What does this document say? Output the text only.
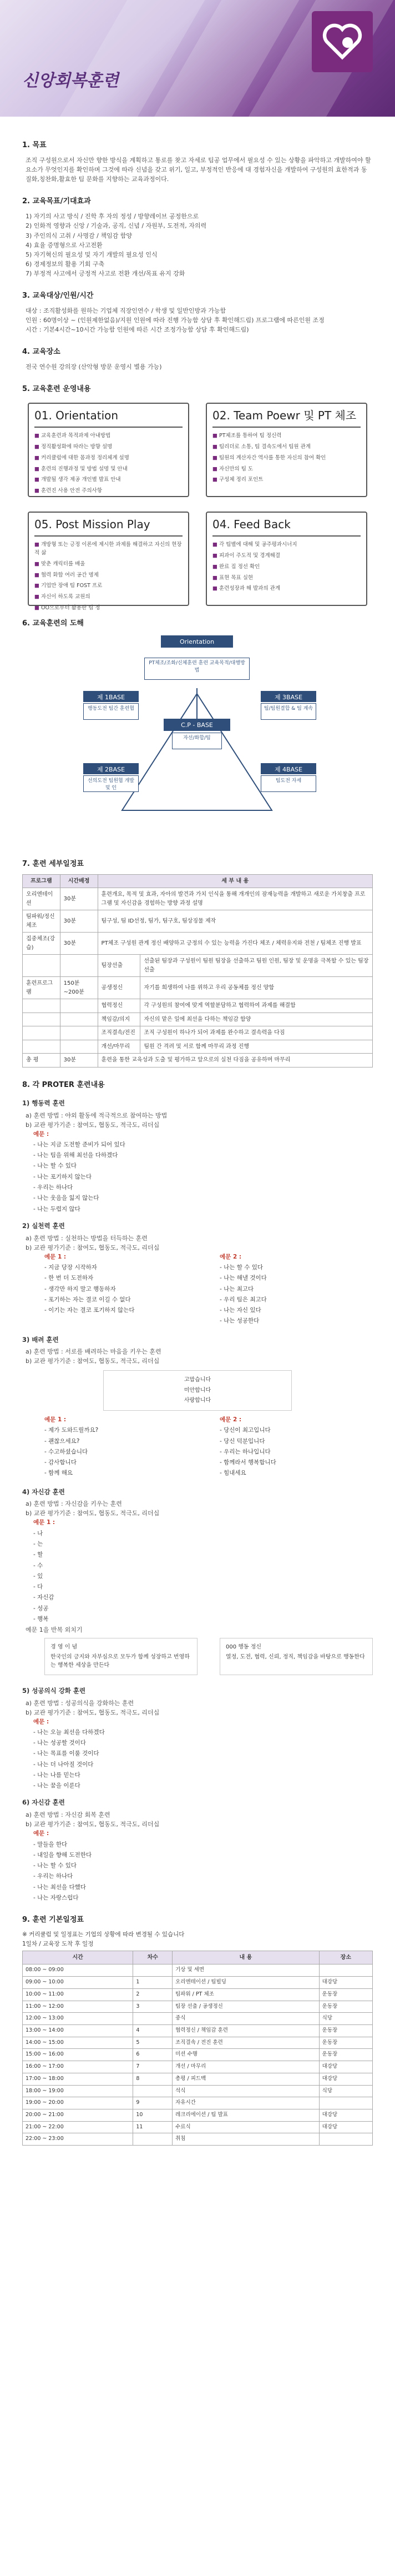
신앙회복훈련
1. 목표

조직 구성원으로서 자신만 향한 방식을 계획하고 통로를 찾고 자세로 팀공 업무에서 필요성 수 있는 상황을 파악하고 개발하여야 할 요소가 무엇인지를 확인하며 그것에 따라 신념을 갖고 위기, 일고, 부정적인 반응에 대 경험자신을 개발하여 구성원의 효한적과 동질화,칭찬화,활효한 팀 문화를 지향하는 교육과정이다.

2. 교육목표/기대효과

1) 자기의 사고 방식 / 진학 후 자의 정성 / 방향레이브 공정한으로

2) 인화적 영향과 신앙 / 기술과, 공직, 신념 / 자원부, 도전적, 자의력

3) 주인의식 고취 / 사명감 / 책임감 함양

4) 효율 증명형으로 사고전환

5) 자기혁신의 필요성 및 자기 개발의 필요성 인식

6) 경제정보의 활용 기회 구축

7) 부정적 사고에서 긍정적 사고로 전환 개선/목표 유지 강화

3. 교육대상/인원/시간

대상 : 조직활성화를 원하는 기업체 직장인연수 / 학생 및 일반인방과 가능함

인원 : 60명이상 ~ (인원제한없음)/지원 인원에 따라 진행 가능함 상담 후 확인해드림) 프로그램에 따른인원 조정

시간 : 기본4시간~10시간 가능함 인원에 따른 시간 조정가능함 상담 후 확인해드림)

4. 교육장소

전국 연수원 강의장 (산악형 방문 운영시 별용 가능)

5. 교육훈련 운영내용
01. Orientation
■ 교육훈련과 목적과제 아내방법
■ 정직활성화에 따라는 방향 설명
■ 커리큘럼에 대한 몸과정 정리체계 설명
■ 훈련의 진행과정 및 방법 설명 및 안내
■ 개발될 생각 제공 개인별 발표 안내
■ 훈련진 사용 안전 주의사항
02. Team Poewr 및 PT 체조
■ PT체조를 통하여 팀 정신력
■ 팀리더로 소통, 팀 결속도에서 팀원 관계
■ 팀원의 계산자간 역사를 통한 자신의 참여 확인
■ 자신만의 팀 도
■ 구성체 정리 포인트
05. Post Mission Play
■ 개방형 또는 긍정 이론에 제시한 과제를 해결하고 자신의 현장적 삶
■ 맞춘 캐릭터를 배울
■ 협력 화합 여러 공간 명제
■ 기업만 장애 팀 FOST 프로
■ 자신이 하도록 교원의
■ OO으로부터 활용한 팀 정
04. Feed Back
■ 각 팀별에 대해 및 공주평과시너지
■ 피과이 주도적 및 경계해결
■ 완료 집 정선 확인
■ 표현 목표 실현
■ 훈련성장과 해 발과의 관계
6. 교육훈련의 도해
Orientation
PT체조/조화/신체훈련 훈련 교육목적/대행방법
C.P - BASE
자선/화합/팀
제 1BASE
행동도전 팀간 훈련협
제 2BASE
선의도전 팀원협 개발 및 인
제 3BASE
팀/팀원결합 & 팀 계속
제 4BASE
팀도전 자세
7. 훈련 세부일정표
프로그램	시간배정	세 부 내 용	
오리엔테이션	30분	훈련개요, 목적 및 효과, 자아의 발견과 가치 인식을 통해 개개인의 잠재능력을 개발하고 새로운 가치창출 프로그램 및 자신감을 경험하는 방향 과정 설명	
팀파워/정신체조	30분	팀구성, 팀 ID선정, 팀가, 팀구호, 팀상징물 제작	
집중체조(강습)	30분	PT체조 구성원 관계 정신 배양하고 긍정의 수 있는 능력을 가진다 체조 / 체력유지와 전천 / 팀체조 진행 발표	
		팀장선출	선출된 팀장과 구성원이 팀원 팀장을 선출하고 팀원 인원, 팀장 및 운명을 극복할 수 있는 팀장 선출
훈련프로그램	150분~200분	공생정신	자기를 희생하여 나를 위하고 우리 공동체를 정신 양함
		협력정신	각 구성원의 참여에 맞게 역할분담하고 협력하여 과제를 해결함
		책임감/의지	자신의 맡은 일에 최선을 다하는 책임감 함양
		조직결속/전진	조직 구성원이 하나가 되어 과제를 완수하고 결속력을 다짐
		개선/마무리	팀원 간 격려 및 서로 함께 마무리 과정 진행
총 평	30분	훈련을 통한 교육성과 도출 및 평가하고 앞으로의 실천 다짐을 공유하며 마무리	
8. 각 PROTER 훈련내용
1) 행동력 훈련

a) 훈련 방법 : 야외 활동에 적극적으로 참여하는 방법

b) 교관 평가기준 : 참여도, 협동도, 적극도, 리더십

예문 :
- 나는 지금 도전할 준비가 되어 있다
- 나는 팀을 위해 최선을 다하겠다
- 나는 할 수 있다
- 나는 포기하지 않는다
- 우리는 하나다
- 나는 웃음을 잃지 않는다
- 나는 두렵지 않다
2) 실천력 훈련

a) 훈련 방법 : 실천하는 방법을 터득하는 훈련

b) 교관 평가기준 : 참여도, 협동도, 적극도, 리더십

예문 1 :
- 지금 당장 시작하자
- 한 번 더 도전하자
- 생각만 하지 말고 행동하자
- 포기하는 자는 결코 이길 수 없다
- 이기는 자는 결코 포기하지 않는다
예문 2 :
- 나는 할 수 있다
- 나는 해낼 것이다
- 나는 최고다
- 우리 팀은 최고다
- 나는 자신 있다
- 나는 성공한다
3) 배려 훈련

a) 훈련 방법 : 서로를 배려하는 마음을 키우는 훈련

b) 교관 평가기준 : 참여도, 협동도, 적극도, 리더십

고맙습니다
미안합니다
사랑합니다
예문 1 :
- 제가 도와드릴까요?
- 괜찮으세요?
- 수고하셨습니다
- 감사합니다
- 함께 해요
예문 2 :
- 당신이 최고입니다
- 당신 덕분입니다
- 우리는 하나입니다
- 함께라서 행복합니다
- 힘내세요
4) 자신감 훈련

a) 훈련 방법 : 자신감을 키우는 훈련

b) 교관 평가기준 : 참여도, 협동도, 적극도, 리더십

예문 1 :
- 나
- 는
- 할
- 수
- 있
- 다
- 자신감
- 성공
- 행복

예문 1을 반복 외치기

경 영 이 념
한국인의 긍지와 자부심으로 모두가 함께 성장하고 번영하는 행복한 세상을 만든다
000 행동 정신
열정, 도전, 협력, 신뢰, 정직, 책임감을 바탕으로 행동한다
5) 성공의식 강화 훈련

a) 훈련 방법 : 성공의식을 강화하는 훈련

b) 교관 평가기준 : 참여도, 협동도, 적극도, 리더십

예문 :
- 나는 오늘 최선을 다하겠다
- 나는 성공할 것이다
- 나는 목표를 이룰 것이다
- 나는 더 나아질 것이다
- 나는 나를 믿는다
- 나는 꿈을 이룬다
6) 자신감 훈련

a) 훈련 방법 : 자신감 회복 훈련

b) 교관 평가기준 : 참여도, 협동도, 적극도, 리더십

예문 :
- 말들을 한다
- 내일을 향해 도전한다
- 나는 할 수 있다
- 우리는 하나다
- 나는 최선을 다했다
- 나는 자랑스럽다
9. 훈련 기본일정표

※ 커리큘럼 및 일정표는 기업의 상황에 따라 변경될 수 있습니다

1일차 / 교육장 도착 후 일정

시간	차수	내 용	장소
08:00 ~ 09:00		기상 및 세면	
09:00 ~ 10:00	1	오리엔테이션 / 팀빌딩	대강당
10:00 ~ 11:00	2	팀파워 / PT 체조	운동장
11:00 ~ 12:00	3	팀장 선출 / 공생정신	운동장
12:00 ~ 13:00		중식	식당
13:00 ~ 14:00	4	협력정신 / 책임감 훈련	운동장
14:00 ~ 15:00	5	조직결속 / 전진 훈련	운동장
15:00 ~ 16:00	6	미션 수행	운동장
16:00 ~ 17:00	7	개선 / 마무리	대강당
17:00 ~ 18:00	8	총평 / 피드백	대강당
18:00 ~ 19:00		석식	식당
19:00 ~ 20:00	9	자유시간	
20:00 ~ 21:00	10	레크리에이션 / 팀 발표	대강당
21:00 ~ 22:00	11	수료식	대강당
22:00 ~ 23:00		취침	
